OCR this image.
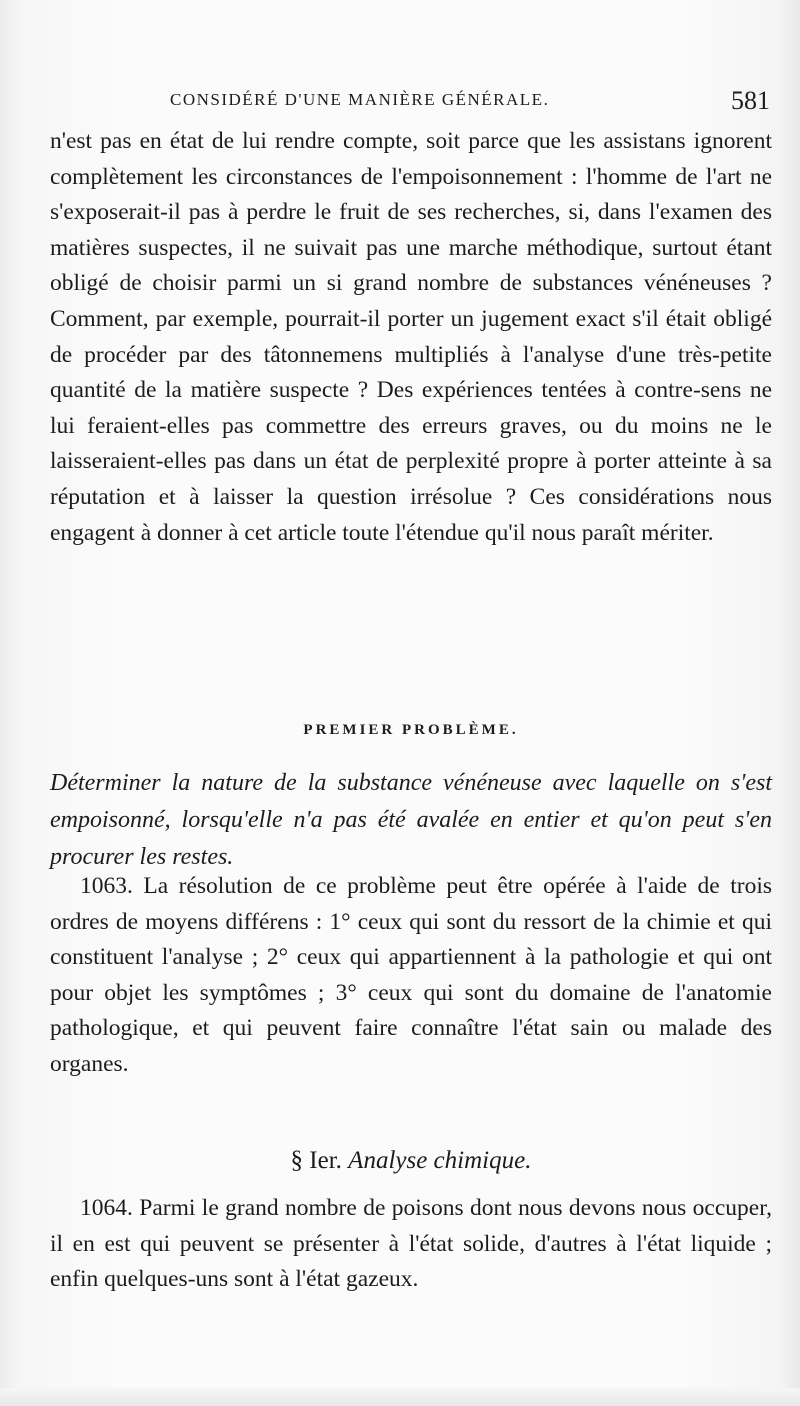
CONSIDÉRÉ D'UNE MANIÈRE GÉNÉRALE.	581

n'est pas en état de lui rendre compte, soit parce que les assistans ignorent complètement les circonstances de l'empoisonnement : l'homme de l'art ne s'exposerait-il pas à perdre le fruit de ses recherches, si, dans l'examen des matières suspectes, il ne suivait pas une marche méthodique, surtout étant obligé de choisir parmi un si grand nombre de substances vénéneuses ? Comment, par exemple, pourrait-il porter un jugement exact s'il était obligé de procéder par des tâtonnemens multipliés à l'analyse d'une très-petite quantité de la matière suspecte ? Des expériences tentées à contre-sens ne lui feraient-elles pas commettre des erreurs graves, ou du moins ne le laisseraient-elles pas dans un état de perplexité propre à porter atteinte à sa réputation et à laisser la question irrésolue ? Ces considérations nous engagent à donner à cet article toute l'étendue qu'il nous paraît mériter.

PREMIER PROBLÈME.
Déterminer la nature de la substance vénéneuse avec laquelle on s'est empoisonné, lorsqu'elle n'a pas été avalée en entier et qu'on peut s'en procurer les restes.

1063. La résolution de ce problème peut être opérée à l'aide de trois ordres de moyens différens : 1° ceux qui sont du ressort de la chimie et qui constituent l'analyse ; 2° ceux qui appartiennent à la pathologie et qui ont pour objet les symptômes ; 3° ceux qui sont du domaine de l'anatomie pathologique, et qui peuvent faire connaître l'état sain ou malade des organes.

§ Ier. Analyse chimique.

1064. Parmi le grand nombre de poisons dont nous devons nous occuper, il en est qui peuvent se présenter à l'état solide, d'autres à l'état liquide ; enfin quelques-uns sont à l'état gazeux.
